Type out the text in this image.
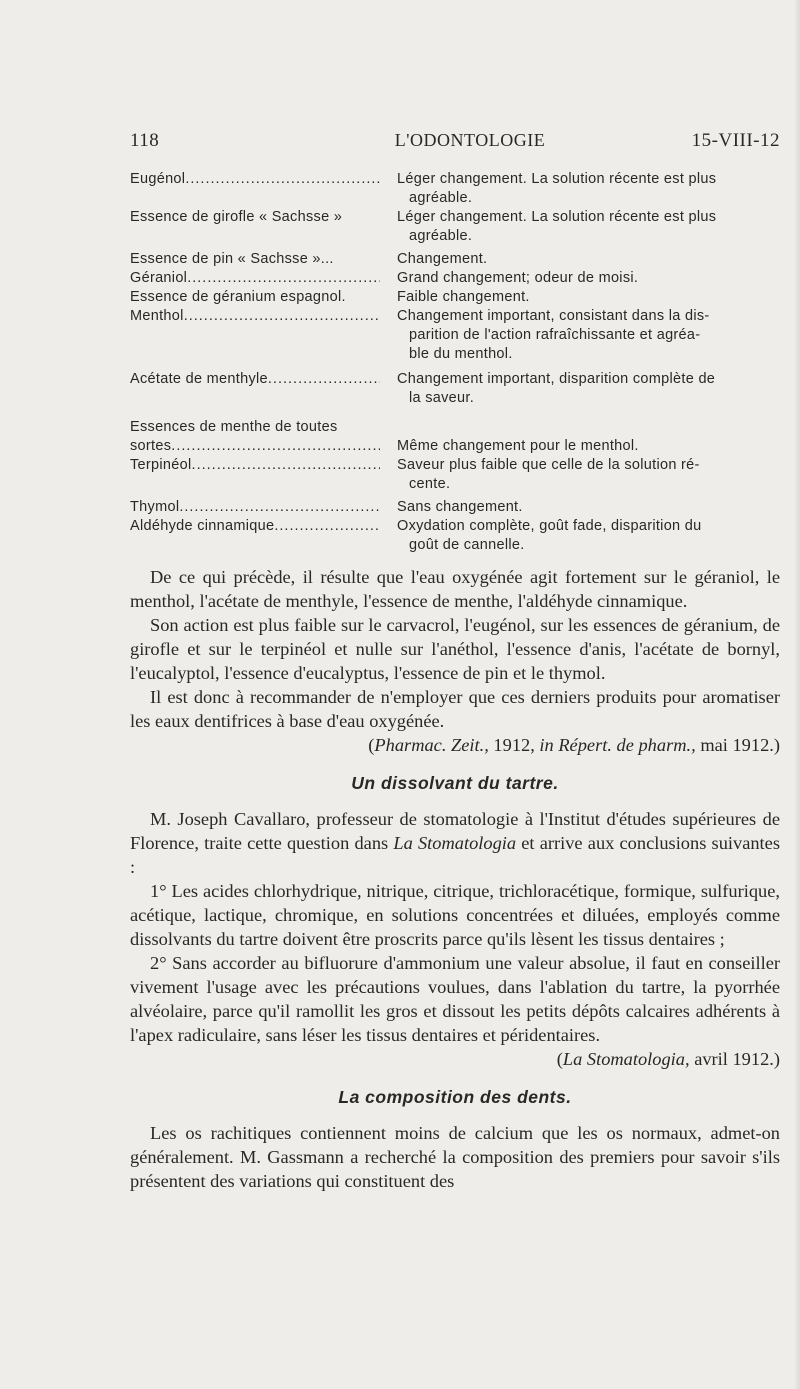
118	L'ODONTOLOGIE	15-VIII-12
Eugénol .....	Léger changement. La solution récente est plus
agréable.
Essence de girofle « Sachsse »	Léger changement. La solution récente est plus
agréable.
Essence de pin « Sachsse »...	Changement.
Géraniol .....	Grand changement; odeur de moisi.
Essence de géranium espagnol.	Faible changement.
Menthol .....	Changement important, consistant dans la dis-
parition de l'action rafraîchissante et agréa-
ble du menthol.
Acétate de menthyle .....	Changement important, disparition complète de
la saveur.
Essences de menthe de toutes
sortes .....	Même changement pour le menthol.
Terpinéol .....	Saveur plus faible que celle de la solution ré-
cente.
Thymol .....	Sans changement.
Aldéhyde cinnamique .....	Oxydation complète, goût fade, disparition du
goût de cannelle.

De ce qui précède, il résulte que l'eau oxygénée agit fortement sur le géraniol, le menthol, l'acétate de menthyle, l'essence de menthe, l'aldéhyde cinnamique.

Son action est plus faible sur le carvacrol, l'eugénol, sur les essences de géranium, de girofle et sur le terpinéol et nulle sur l'anéthol, l'essence d'anis, l'acétate de bornyl, l'eucalyptol, l'essence d'eucalyptus, l'essence de pin et le thymol.

Il est donc à recommander de n'employer que ces derniers produits pour aromatiser les eaux dentifrices à base d'eau oxygénée.

(Pharmac. Zeit., 1912, in Répert. de pharm., mai 1912.)

Un dissolvant du tartre.

M. Joseph Cavallaro, professeur de stomatologie à l'Institut d'études supérieures de Florence, traite cette question dans La Stomatologia et arrive aux conclusions suivantes :

1° Les acides chlorhydrique, nitrique, citrique, trichloracétique, formique, sulfurique, acétique, lactique, chromique, en solutions concentrées et diluées, employés comme dissolvants du tartre doivent être proscrits parce qu'ils lèsent les tissus dentaires ;

2° Sans accorder au bifluorure d'ammonium une valeur absolue, il faut en conseiller vivement l'usage avec les précautions voulues, dans l'ablation du tartre, la pyorrhée alvéolaire, parce qu'il ramollit les gros et dissout les petits dépôts calcaires adhérents à l'apex radiculaire, sans léser les tissus dentaires et péridentaires.

(La Stomatologia, avril 1912.)

La composition des dents.

Les os rachitiques contiennent moins de calcium que les os normaux, admet-on généralement. M. Gassmann a recherché la composition des premiers pour savoir s'ils présentent des variations qui constituent des
